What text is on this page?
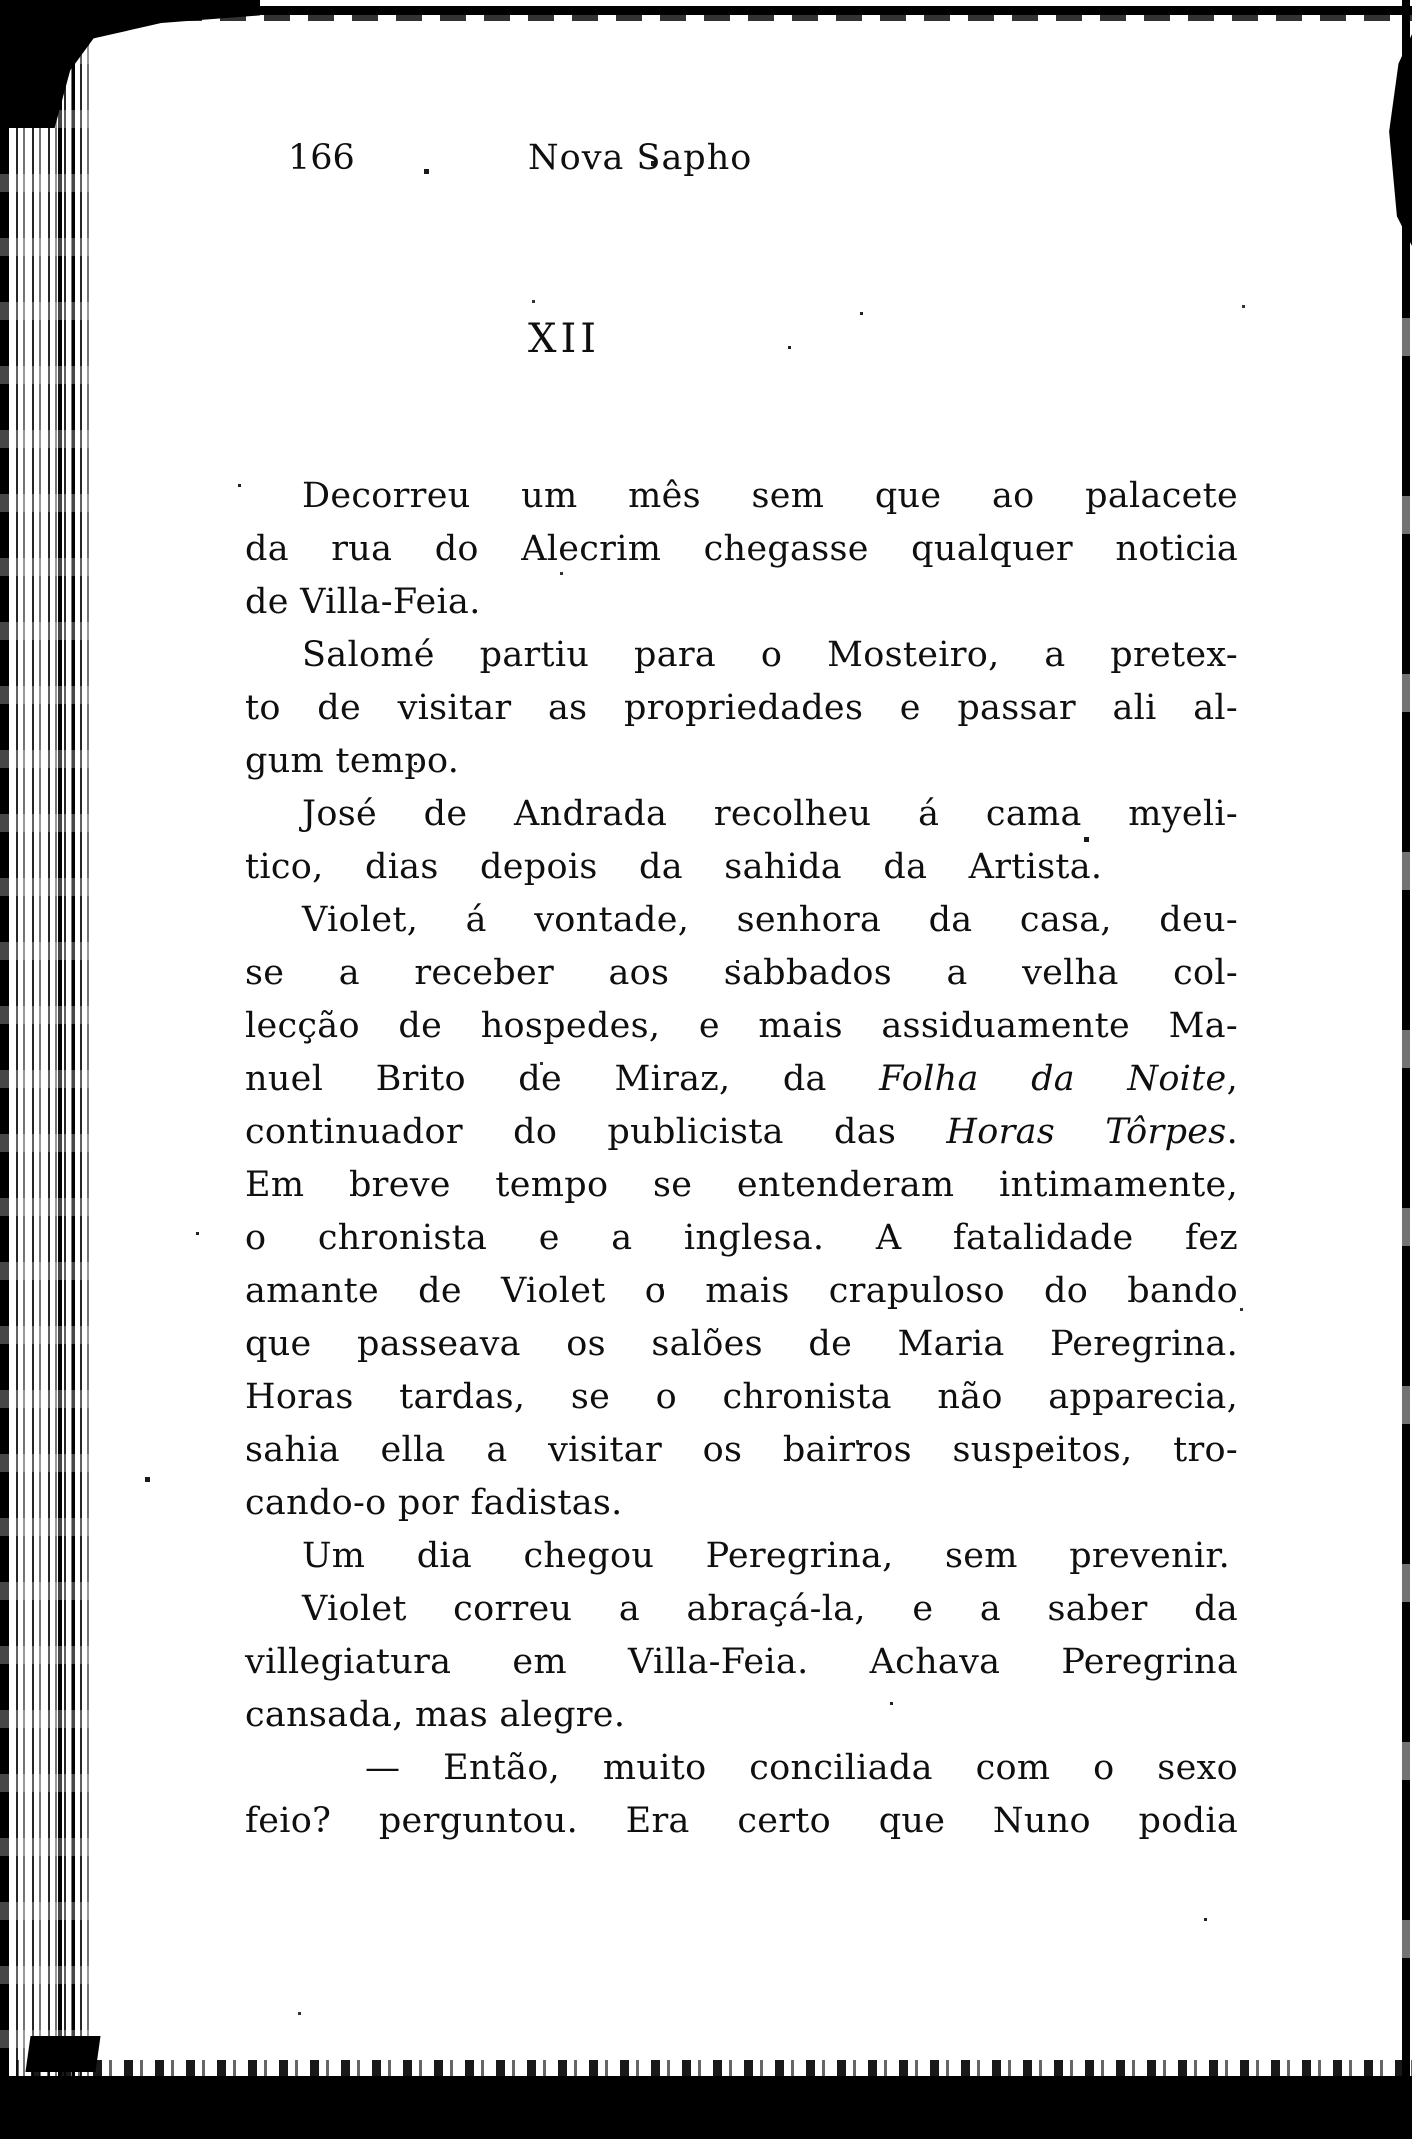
166	Nova Sapho
XII
Decorreu um mês sem que ao palacete
da rua do Alecrim chegasse qualquer noticia
de Villa-Feia.
Salomé partiu para o Mosteiro, a pretex-
to de visitar as propriedades e passar ali al-
gum tempo.
José de Andrada recolheu á cama myeli-
tico, dias depois da sahida da Artista.
Violet, á vontade, senhora da casa, deu-
se a receber aos sabbados a velha col-
lecção de hospedes, e mais assiduamente Ma-
nuel Brito de Miraz, da Folha da Noite,
continuador do publicista das Horas Tôrpes.
Em breve tempo se entenderam intimamente,
o chronista e a inglesa. A fatalidade fez
amante de Violet o mais crapuloso do bando
que passeava os salões de Maria Peregrina.
Horas tardas, se o chronista não apparecia,
sahia ella a visitar os bairros suspeitos, tro-
cando-o por fadistas.
Um dia chegou Peregrina, sem prevenir.
Violet correu a abraçá-la, e a saber da
villegiatura em Villa-Feia. Achava Peregrina
cansada, mas alegre.
— Então, muito conciliada com o sexo
feio? perguntou. Era certo que Nuno podia
